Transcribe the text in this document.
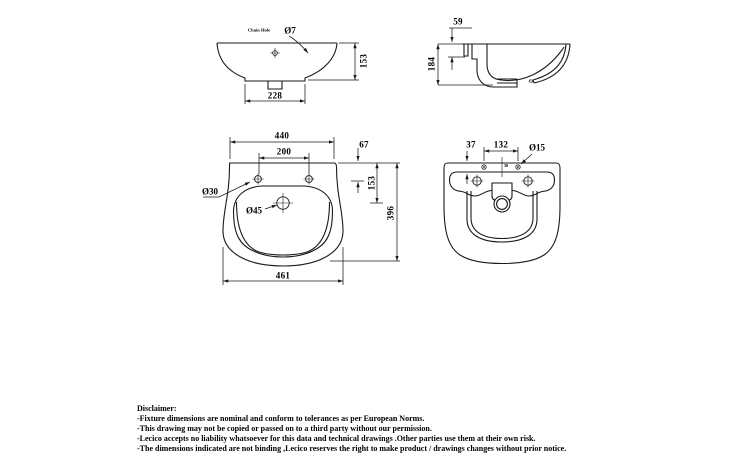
Chain Hole Ø7
153
228
59
184
440
200
67
153
396
461
Ø30
Ø45
37 132 Ø15
30
Disclaimer:
-Fixture dimensions are nominal and conform to tolerances as per European Norms.
-This drawing may not be copied or passed on to a third party without our permission.
-Lecico accepts no liability whatsoever for this data and technical drawings .Other parties use them at their own risk.
-The dimensions indicated are not binding ,Lecico reserves the right to make product / drawings changes without prior notice.
